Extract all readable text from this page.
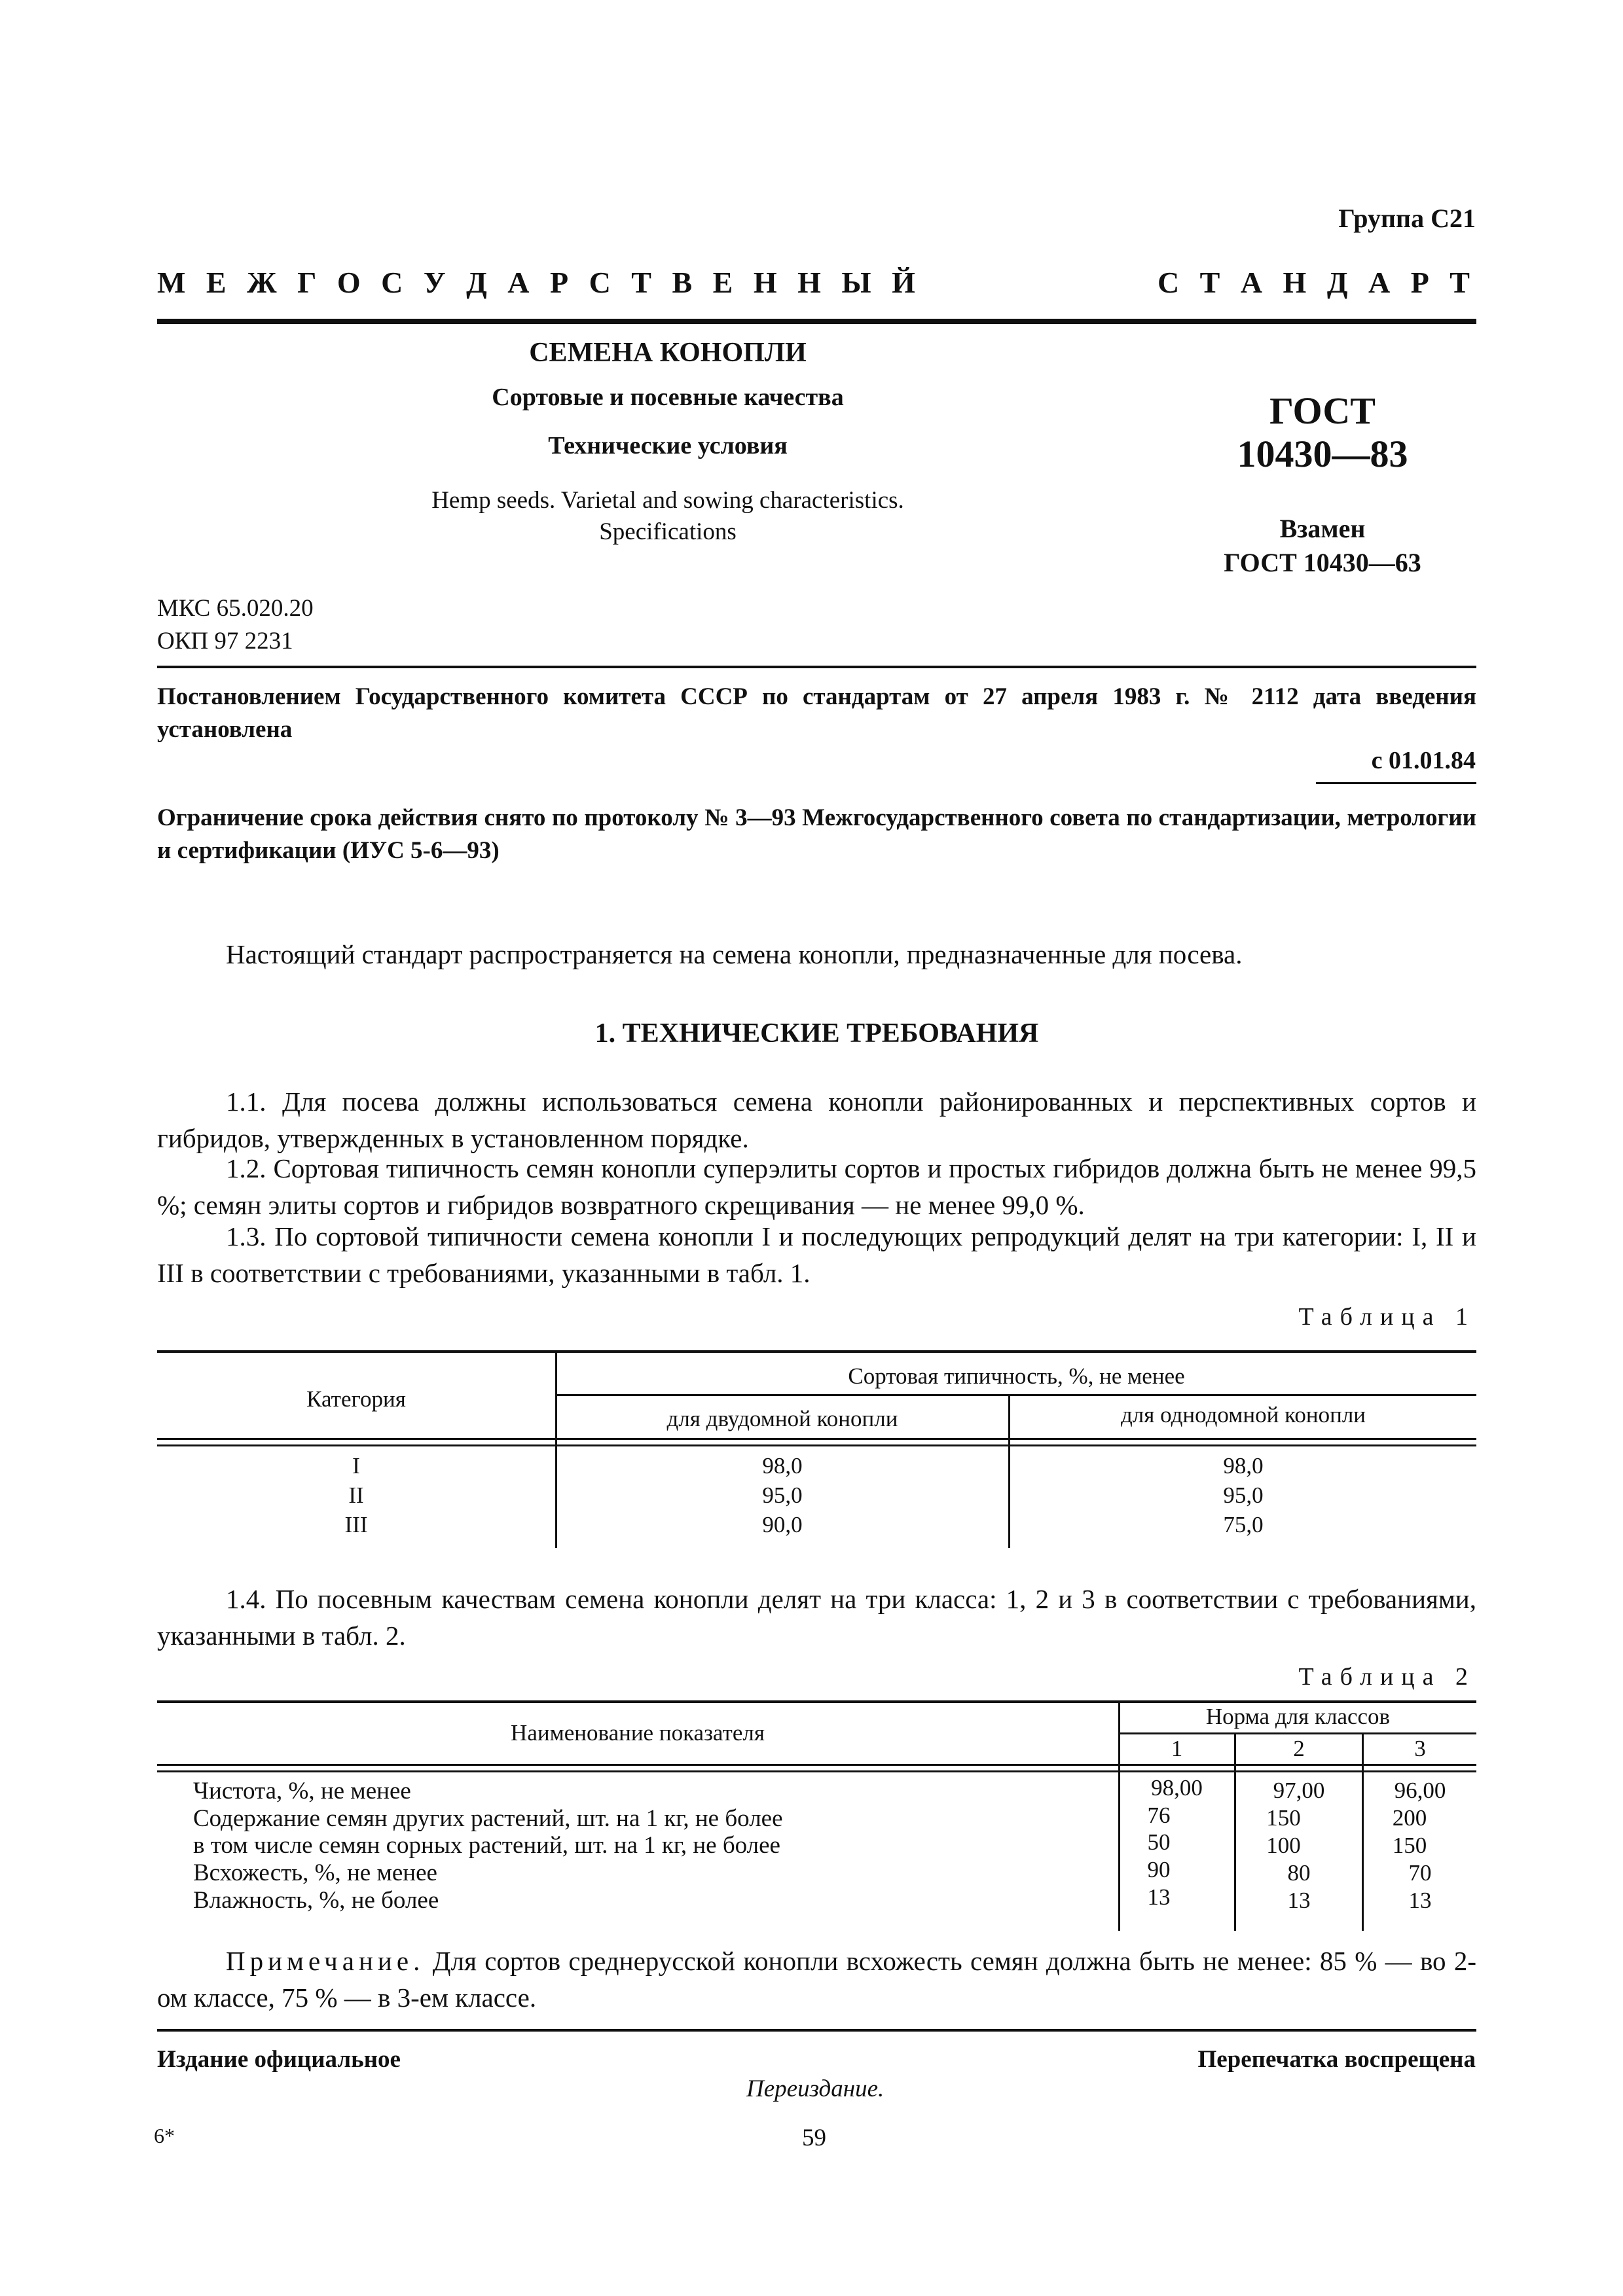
Группа С21
М Е Ж Г О С У Д А Р С Т В Е Н Н Ы Й	С Т А Н Д А Р Т
СЕМЕНА КОНОПЛИ
Сортовые и посевные качества
Технические условия
Hemp seeds. Varietal and sowing characteristics.
Specifications
ГОСТ
10430—83
Взамен
ГОСТ 10430—63
МКС 65.020.20
ОКП 97 2231
Постановлением Государственного комитета СССР по стандартам от 27 апреля 1983 г. № 2112 дата введения установлена
с 01.01.84
Ограничение срока действия снято по протоколу № 3—93 Межгосударственного совета по стандартизации, метрологии и сертификации (ИУС 5-6—93)
Настоящий стандарт распространяется на семена конопли, предназначенные для посева.
1. ТЕХНИЧЕСКИЕ ТРЕБОВАНИЯ
1.1. Для посева должны использоваться семена конопли районированных и перспективных сортов и гибридов, утвержденных в установленном порядке.
1.2. Сортовая типичность семян конопли суперэлиты сортов и простых гибридов должна быть не менее 99,5 %; семян элиты сортов и гибридов возвратного скрещивания — не менее 99,0 %.
1.3. По сортовой типичности семена конопли I и последующих репродукций делят на три категории: I, II и III в соответствии с требованиями, указанными в табл. 1.
Таблица 1
Категория
Сортовая типичность, %, не менее
для двудомной конопли	для однодомной конопли
I	98,0	98,0
II	95,0	95,0
III	90,0	75,0
1.4. По посевным качествам семена конопли делят на три класса: 1, 2 и 3 в соответствии с требованиями, указанными в табл. 2.
Таблица 2
Наименование показателя
Норма для классов
1	2	3
Чистота, %, не менее	98,00	97,00	96,00
Содержание семян других растений, шт. на 1 кг, не более	76	150	200
в том числе семян сорных растений, шт. на 1 кг, не более	50	100	150
Всхожесть, %, не менее	90	80	70
Влажность, %, не более	13	13	13
Примечание. Для сортов среднерусской конопли всхожесть семян должна быть не менее: 85 % — во 2-ом классе, 75 % — в 3-ем классе.
Издание официальное	Перепечатка воспрещена
Переиздание.
6*	59
